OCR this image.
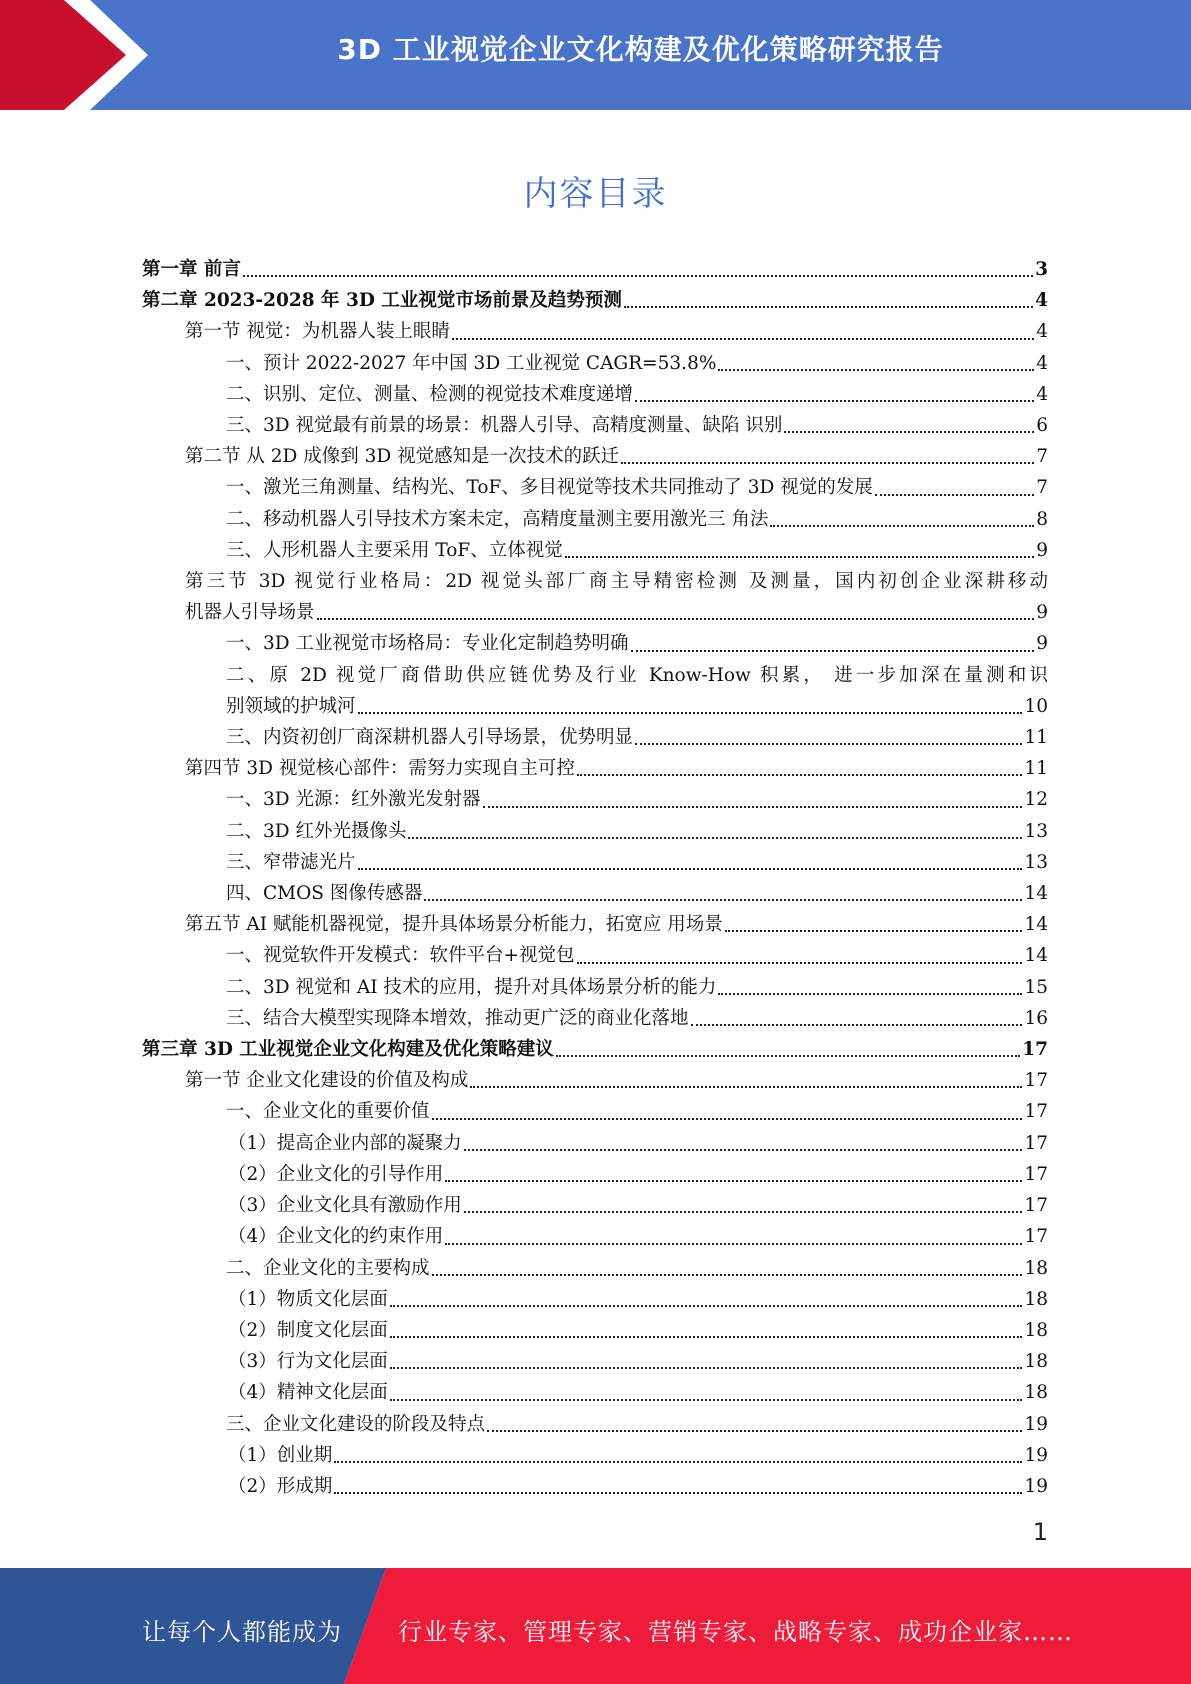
3D 工业视觉企业文化构建及优化策略研究报告
内容目录
第一章 前言	3
第二章 2023-2028 年 3D 工业视觉市场前景及趋势预测	4
第一节 视觉：为机器人装上眼睛	4
一、预计 2022-2027 年中国 3D 工业视觉 CAGR=53.8%	4
二、识别、定位、测量、检测的视觉技术难度递增	4
三、3D 视觉最有前景的场景：机器人引导、高精度测量、缺陷 识别	6
第二节 从 2D 成像到 3D 视觉感知是一次技术的跃迁	7
一、激光三角测量、结构光、ToF、多目视觉等技术共同推动了 3D 视觉的发展	7
二、移动机器人引导技术方案未定，高精度量测主要用激光三 角法	8
三、人形机器人主要采用 ToF、立体视觉	9
第三节 3D 视觉行业格局：2D 视觉头部厂商主导精密检测 及测量，国内初创企业深耕移动
机器人引导场景	9
一、3D 工业视觉市场格局：专业化定制趋势明确	9
二、原 2D 视觉厂商借助供应链优势及行业 Know-How 积累， 进一步加深在量测和识
别领域的护城河	10
三、内资初创厂商深耕机器人引导场景，优势明显	11
第四节 3D 视觉核心部件：需努力实现自主可控	11
一、3D 光源：红外激光发射器	12
二、3D 红外光摄像头	13
三、窄带滤光片	13
四、CMOS 图像传感器	14
第五节 AI 赋能机器视觉，提升具体场景分析能力，拓宽应 用场景	14
一、视觉软件开发模式：软件平台+视觉包	14
二、3D 视觉和 AI 技术的应用，提升对具体场景分析的能力	15
三、结合大模型实现降本增效，推动更广泛的商业化落地	16
第三章 3D 工业视觉企业文化构建及优化策略建议	17
第一节 企业文化建设的价值及构成	17
一、企业文化的重要价值	17
（1）提高企业内部的凝聚力	17
（2）企业文化的引导作用	17
（3）企业文化具有激励作用	17
（4）企业文化的约束作用	17
二、企业文化的主要构成	18
（1）物质文化层面	18
（2）制度文化层面	18
（3）行为文化层面	18
（4）精神文化层面	18
三、企业文化建设的阶段及特点	19
（1）创业期	19
（2）形成期	19
1
让每个人都能成为 行业专家、管理专家、营销专家、战略专家、成功企业家……
